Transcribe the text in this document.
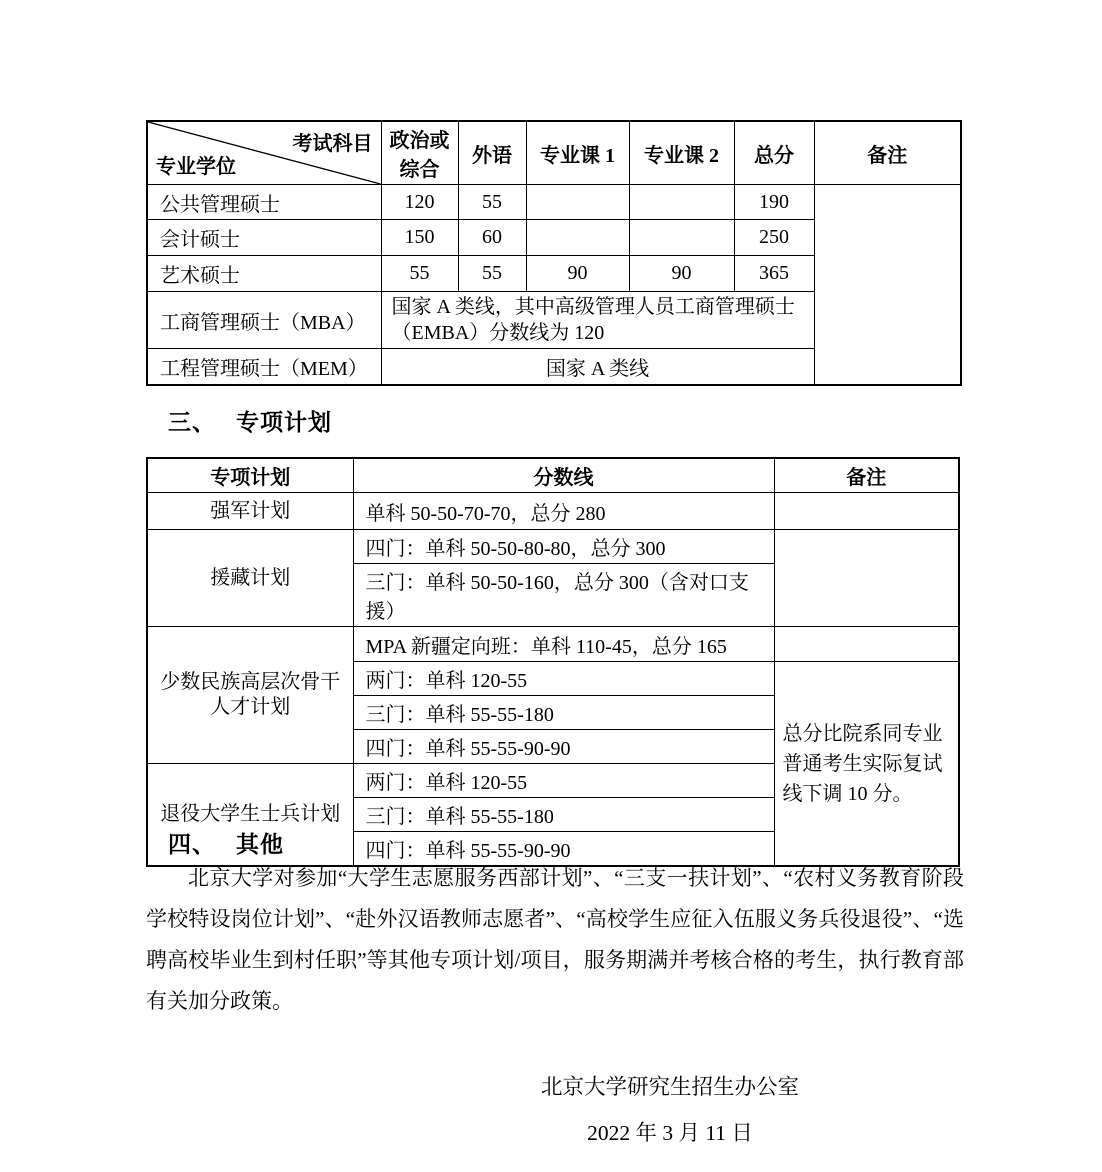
考试科目
专业学位	政治或综合	外语	专业课 1	专业课 2	总分	备注
公共管理硕士	120	55			190	
会计硕士	150	60			250	
艺术硕士	55	55	90	90	365	
工商管理硕士（MBA）	国家 A 类线，其中高级管理人员工商管理硕士（EMBA）分数线为 120					
工程管理硕士（MEM）	国家 A 类线					
三、 专项计划
专项计划	分数线	备注
强军计划	单科 50-50-70-70，总分 280	
援藏计划	四门：单科 50-50-80-80，总分 300	
	三门：单科 50-50-160，总分 300（含对口支援）	
少数民族高层次骨干人才计划	MPA 新疆定向班：单科 110-45，总分 165	
	两门：单科 120-55	总分比院系同专业普通考生实际复试线下调 10 分。
	三门：单科 55-55-180	
	四门：单科 55-55-90-90	
退役大学生士兵计划	两门：单科 120-55	
	三门：单科 55-55-180	
	四门：单科 55-55-90-90	
四、 其他
北京大学对参加“大学生志愿服务西部计划”、“三支一扶计划”、“农村义务教育阶段学校特设岗位计划”、“赴外汉语教师志愿者”、“高校学生应征入伍服义务兵役退役”、“选聘高校毕业生到村任职”等其他专项计划/项目，服务期满并考核合格的考生，执行教育部有关加分政策。
北京大学研究生招生办公室
2022 年 3 月 11 日
